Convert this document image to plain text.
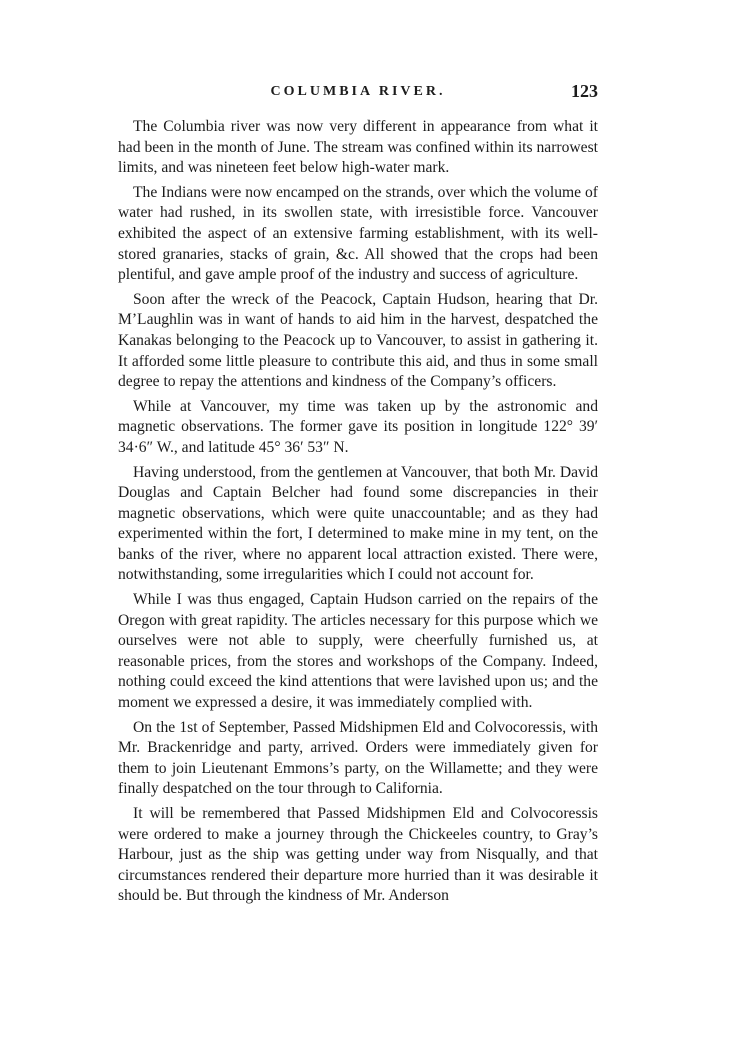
COLUMBIA RIVER.	123

The Columbia river was now very different in appearance from what it had been in the month of June. The stream was confined within its narrowest limits, and was nineteen feet below high-water mark.

The Indians were now encamped on the strands, over which the volume of water had rushed, in its swollen state, with irresistible force. Vancouver exhibited the aspect of an extensive farming establishment, with its well-stored granaries, stacks of grain, &c. All showed that the crops had been plentiful, and gave ample proof of the industry and success of agriculture.

Soon after the wreck of the Peacock, Captain Hudson, hearing that Dr. M’Laughlin was in want of hands to aid him in the harvest, despatched the Kanakas belonging to the Peacock up to Vancouver, to assist in gathering it. It afforded some little pleasure to contribute this aid, and thus in some small degree to repay the attentions and kindness of the Company’s officers.

While at Vancouver, my time was taken up by the astronomic and magnetic observations. The former gave its position in longitude 122° 39′ 34·6″ W., and latitude 45° 36′ 53″ N.

Having understood, from the gentlemen at Vancouver, that both Mr. David Douglas and Captain Belcher had found some discrepancies in their magnetic observations, which were quite unaccountable; and as they had experimented within the fort, I determined to make mine in my tent, on the banks of the river, where no apparent local attraction existed. There were, notwithstanding, some irregularities which I could not account for.

While I was thus engaged, Captain Hudson carried on the repairs of the Oregon with great rapidity. The articles necessary for this purpose which we ourselves were not able to supply, were cheerfully furnished us, at reasonable prices, from the stores and workshops of the Company. Indeed, nothing could exceed the kind attentions that were lavished upon us; and the moment we expressed a desire, it was immediately complied with.

On the 1st of September, Passed Midshipmen Eld and Colvocoressis, with Mr. Brackenridge and party, arrived. Orders were immediately given for them to join Lieutenant Emmons’s party, on the Willamette; and they were finally despatched on the tour through to California.

It will be remembered that Passed Midshipmen Eld and Colvocoressis were ordered to make a journey through the Chickeeles country, to Gray’s Harbour, just as the ship was getting under way from Nisqually, and that circumstances rendered their departure more hurried than it was desirable it should be. But through the kindness of Mr. Anderson
